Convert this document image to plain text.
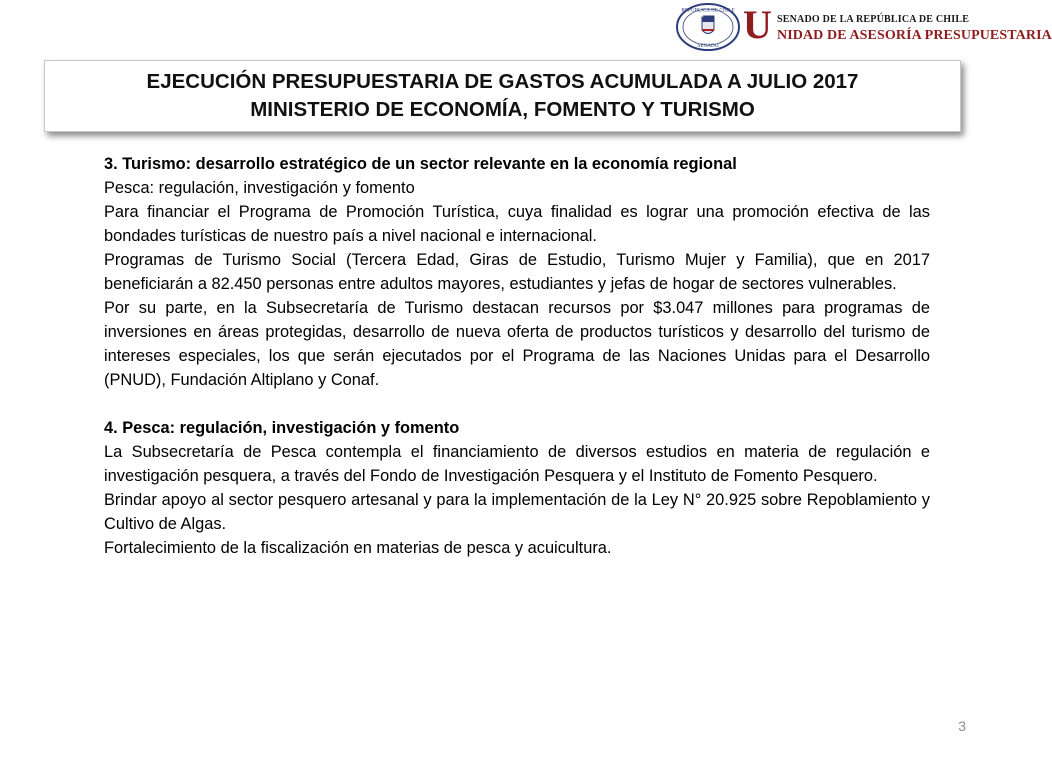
REPÚBLICA DE CHILE
SENADO U SENADO DE LA REPÚBLICA DE CHILE
NIDAD DE ASESORÍA PRESUPUESTARIA
EJECUCIÓN PRESUPUESTARIA DE GASTOS ACUMULADA A JULIO 2017
MINISTERIO DE ECONOMÍA, FOMENTO Y TURISMO

3. Turismo: desarrollo estratégico de un sector relevante en la economía regional

Pesca: regulación, investigación y fomento

Para financiar el Programa de Promoción Turística, cuya finalidad es lograr una promoción efectiva de las bondades turísticas de nuestro país a nivel nacional e internacional.

Programas de Turismo Social (Tercera Edad, Giras de Estudio, Turismo Mujer y Familia), que en 2017 beneficiarán a 82.450 personas entre adultos mayores, estudiantes y jefas de hogar de sectores vulnerables.

Por su parte, en la Subsecretaría de Turismo destacan recursos por $3.047 millones para programas de inversiones en áreas protegidas, desarrollo de nueva oferta de productos turísticos y desarrollo del turismo de intereses especiales, los que serán ejecutados por el Programa de las Naciones Unidas para el Desarrollo (PNUD), Fundación Altiplano y Conaf.

4. Pesca: regulación, investigación y fomento

La Subsecretaría de Pesca contempla el financiamiento de diversos estudios en materia de regulación e investigación pesquera, a través del Fondo de Investigación Pesquera y el Instituto de Fomento Pesquero.

Brindar apoyo al sector pesquero artesanal y para la implementación de la Ley N° 20.925 sobre Repoblamiento y Cultivo de Algas.

Fortalecimiento de la fiscalización en materias de pesca y acuicultura.

3
